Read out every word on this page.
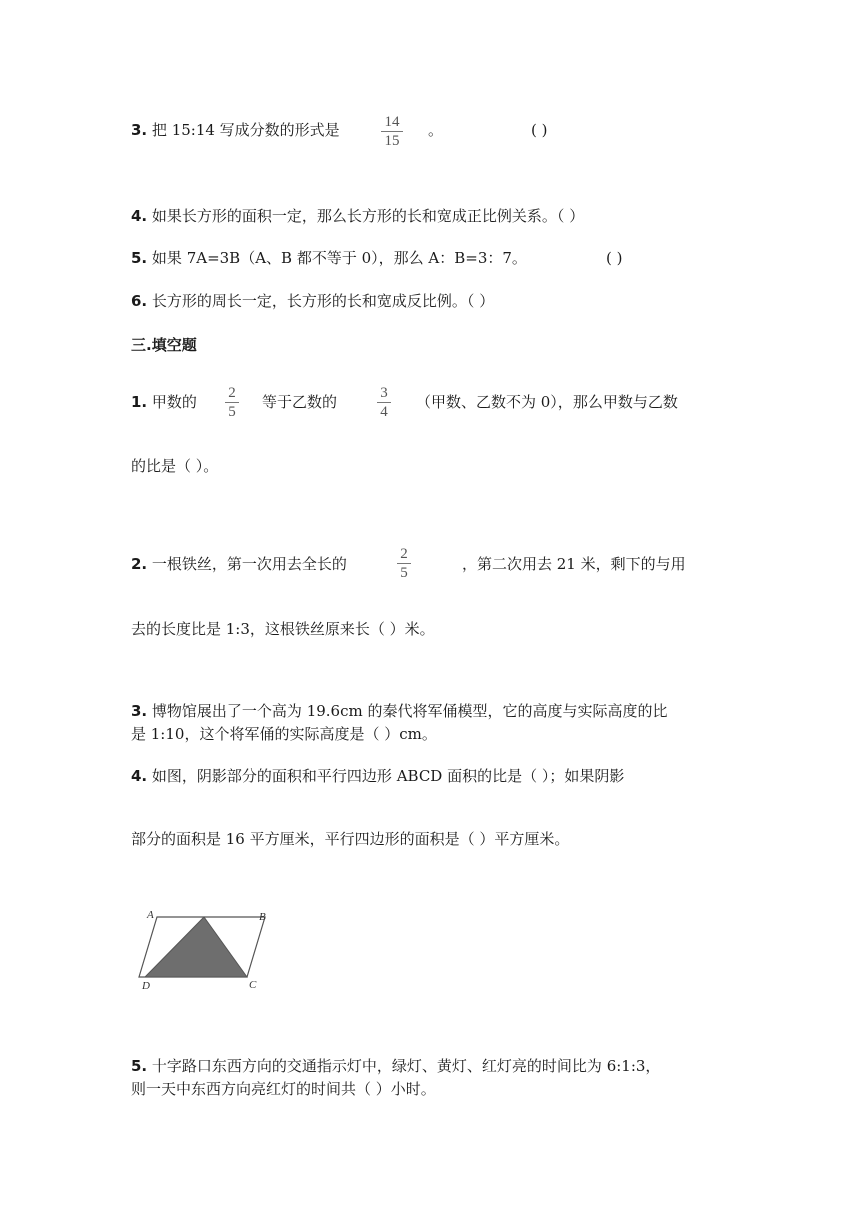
3. 把 15:14 写成分数的形式是	14
15
。	( )
4. 如果长方形的面积一定，那么长方形的长和宽成正比例关系。（ ）
5. 如果 7A=3B（A、B 都不等于 0），那么 A：B=3：7。	( )
6. 长方形的周长一定，长方形的长和宽成反比例。（ ）
三.填空题
1. 甲数的 2
5
等于乙数的	3
4
（甲数、乙数不为 0），那么甲数与乙数
的比是（ ）。
2. 一根铁丝，第一次用去全长的
2
5	，第二次用去 21 米，剩下的与用
去的长度比是 1:3，这根铁丝原来长（ ）米。
3. 博物馆展出了一个高为 19.6cm 的秦代将军俑模型，它的高度与实际高度的比
是 1:10，这个将军俑的实际高度是（ ）cm。
4. 如图，阴影部分的面积和平行四边形 ABCD 面积的比是（ ）；如果阴影
部分的面积是 16 平方厘米，平行四边形的面积是（ ）平方厘米。
A	B
C
D
5. 十字路口东西方向的交通指示灯中，绿灯、黄灯、红灯亮的时间比为 6:1:3，
则一天中东西方向亮红灯的时间共（ ）小时。
